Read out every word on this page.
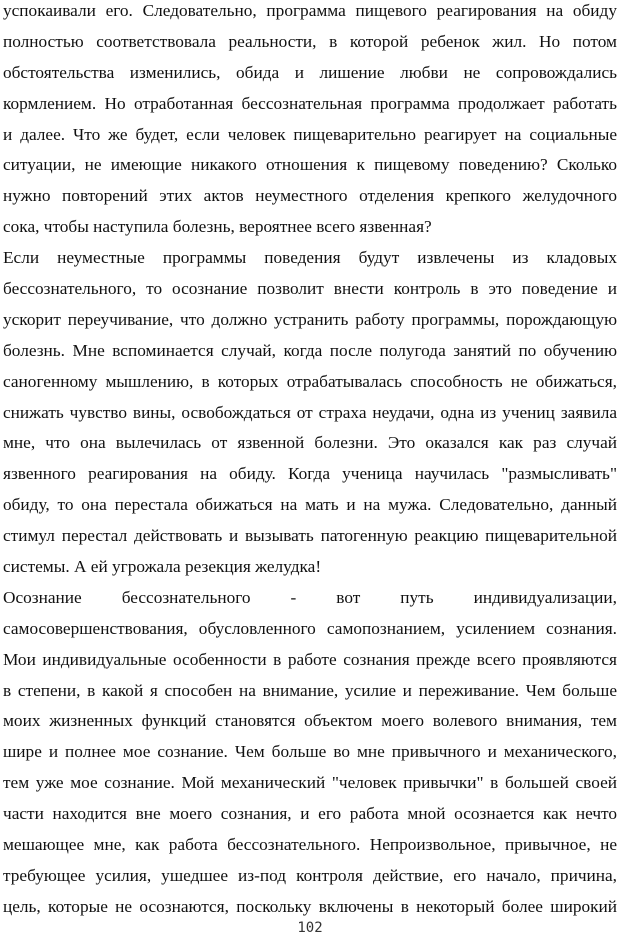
успокаивали его. Следовательно, программа пищевого реагирования на обиду
полностью соответствовала реальности, в которой ребенок жил. Но потом
обстоятельства изменились, обида и лишение любви не сопровождались
кормлением. Но отработанная бессознательная программа продолжает работать
и далее. Что же будет, если человек пищеварительно реагирует на социальные
ситуации, не имеющие никакого отношения к пищевому поведению? Сколько
нужно повторений этих актов неуместного отделения крепкого желудочного
сока, чтобы наступила болезнь, вероятнее всего язвенная?
Если неуместные программы поведения будут извлечены из кладовых
бессознательного, то осознание позволит внести контроль в это поведение и
ускорит переучивание, что должно устранить работу программы, порождающую
болезнь. Мне вспоминается случай, когда после полугода занятий по обучению
саногенному мышлению, в которых отрабатывалась способность не обижаться,
снижать чувство вины, освобождаться от страха неудачи, одна из учениц заявила
мне, что она вылечилась от язвенной болезни. Это оказался как раз случай
язвенного реагирования на обиду. Когда ученица научилась "размысливать"
обиду, то она перестала обижаться на мать и на мужа. Следовательно, данный
стимул перестал действовать и вызывать патогенную реакцию пищеварительной
системы. А ей угрожала резекция желудка!
Осознание бессознательного - вот путь индивидуализации,
самосовершенствования, обусловленного самопознанием, усилением сознания.
Мои индивидуальные особенности в работе сознания прежде всего проявляются
в степени, в какой я способен на внимание, усилие и переживание. Чем больше
моих жизненных функций становятся объектом моего волевого внимания, тем
шире и полнее мое сознание. Чем больше во мне привычного и механического,
тем уже мое сознание. Мой механический "человек привычки" в большей своей
части находится вне моего сознания, и его работа мной осознается как нечто
мешающее мне, как работа бессознательного. Непроизвольное, привычное, не
требующее усилия, ушедшее из-под контроля действие, его начало, причина,
цель, которые не осознаются, поскольку включены в некоторый более широкий
102
